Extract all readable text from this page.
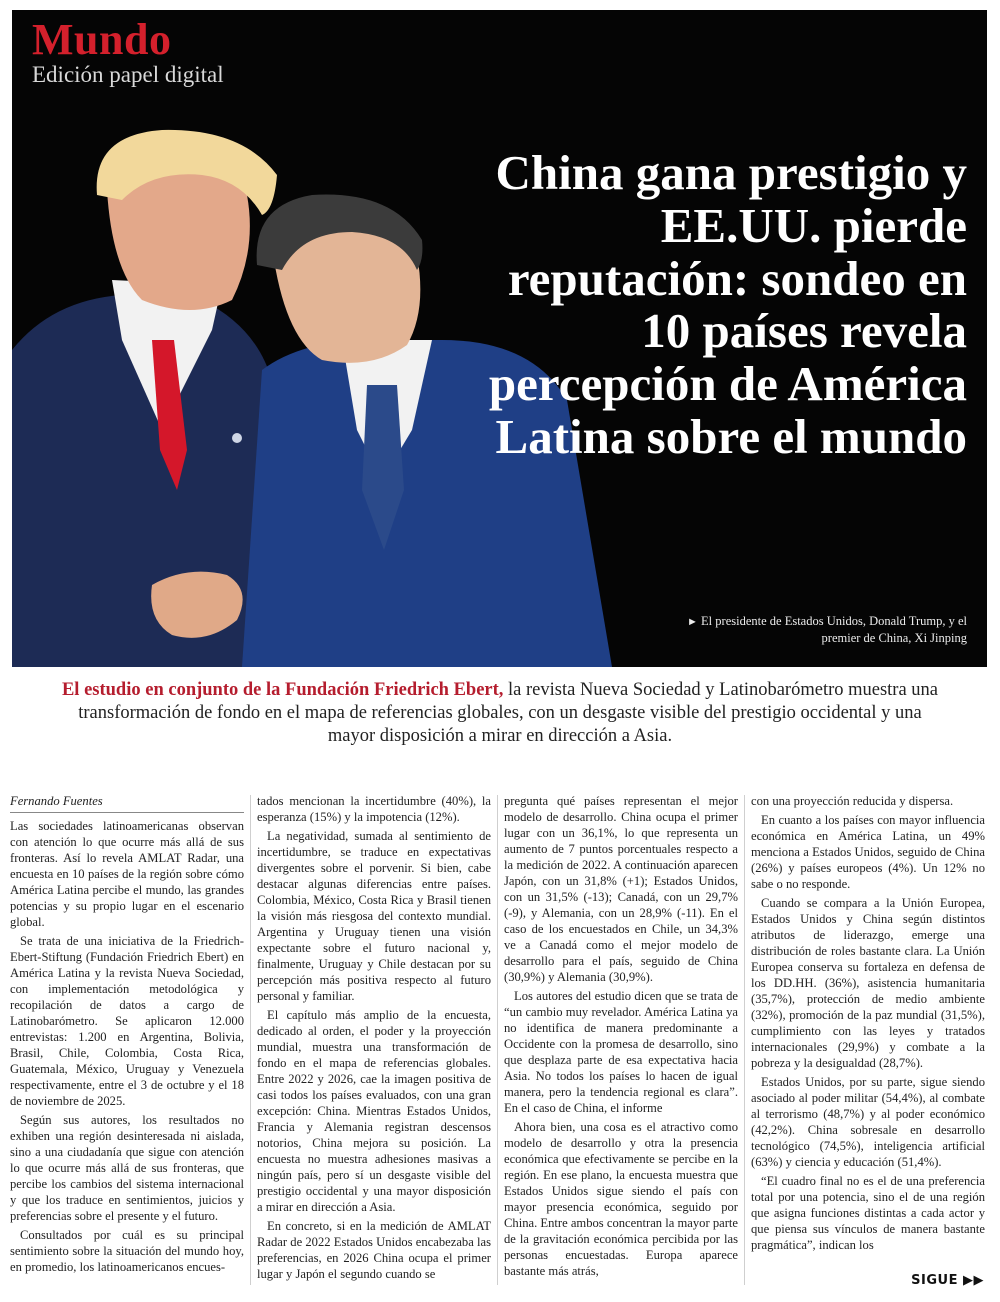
Mundo
Edición papel digital
China gana prestigio y EE.UU. pierde reputación: sondeo en 10 países revela percepción de América Latina sobre el mundo
► El presidente de Estados Unidos, Donald Trump, y el premier de China, Xi Jinping

El estudio en conjunto de la Fundación Friedrich Ebert, la revista Nueva Sociedad y Latinobarómetro muestra una transformación de fondo en el mapa de referencias globales, con un desgaste visible del prestigio occidental y una mayor disposición a mirar en dirección a Asia.

Fernando Fuentes

Las sociedades latinoamericanas observan con atención lo que ocurre más allá de sus fronteras. Así lo revela AMLAT Radar, una encuesta en 10 países de la región sobre cómo América Latina percibe el mundo, las grandes potencias y su propio lugar en el escenario global.

Se trata de una iniciativa de la Friedrich-Ebert-Stiftung (Fundación Friedrich Ebert) en América Latina y la revista Nueva Sociedad, con implementación metodológica y recopilación de datos a cargo de Latinobarómetro. Se aplicaron 12.000 entrevistas: 1.200 en Argentina, Bolivia, Brasil, Chile, Colombia, Costa Rica, Guatemala, México, Uruguay y Venezuela respectivamente, entre el 3 de octubre y el 18 de noviembre de 2025.

Según sus autores, los resultados no exhiben una región desinteresada ni aislada, sino a una ciudadanía que sigue con atención lo que ocurre más allá de sus fronteras, que percibe los cambios del sistema internacional y que los traduce en sentimientos, juicios y preferencias sobre el presente y el futuro.

Consultados por cuál es su principal sentimiento sobre la situación del mundo hoy, en promedio, los latinoamericanos encues-

tados mencionan la incertidumbre (40%), la esperanza (15%) y la impotencia (12%).

La negatividad, sumada al sentimiento de incertidumbre, se traduce en expectativas divergentes sobre el porvenir. Si bien, cabe destacar algunas diferencias entre países. Colombia, México, Costa Rica y Brasil tienen la visión más riesgosa del contexto mundial. Argentina y Uruguay tienen una visión expectante sobre el futuro nacional y, finalmente, Uruguay y Chile destacan por su percepción más positiva respecto al futuro personal y familiar.

El capítulo más amplio de la encuesta, dedicado al orden, el poder y la proyección mundial, muestra una transformación de fondo en el mapa de referencias globales. Entre 2022 y 2026, cae la imagen positiva de casi todos los países evaluados, con una gran excepción: China. Mientras Estados Unidos, Francia y Alemania registran descensos notorios, China mejora su posición. La encuesta no muestra adhesiones masivas a ningún país, pero sí un desgaste visible del prestigio occidental y una mayor disposición a mirar en dirección a Asia.

En concreto, si en la medición de AMLAT Radar de 2022 Estados Unidos encabezaba las preferencias, en 2026 China ocupa el primer lugar y Japón el segundo cuando se

pregunta qué países representan el mejor modelo de desarrollo. China ocupa el primer lugar con un 36,1%, lo que representa un aumento de 7 puntos porcentuales respecto a la medición de 2022. A continuación aparecen Japón, con un 31,8% (+1); Estados Unidos, con un 31,5% (-13); Canadá, con un 29,7% (-9), y Alemania, con un 28,9% (-11). En el caso de los encuestados en Chile, un 34,3% ve a Canadá como el mejor modelo de desarrollo para el país, seguido de China (30,9%) y Alemania (30,9%).

Los autores del estudio dicen que se trata de “un cambio muy revelador. América Latina ya no identifica de manera predominante a Occidente con la promesa de desarrollo, sino que desplaza parte de esa expectativa hacia Asia. No todos los países lo hacen de igual manera, pero la tendencia regional es clara”. En el caso de China, el informe

Ahora bien, una cosa es el atractivo como modelo de desarrollo y otra la presencia económica que efectivamente se percibe en la región. En ese plano, la encuesta muestra que Estados Unidos sigue siendo el país con mayor presencia económica, seguido por China. Entre ambos concentran la mayor parte de la gravitación económica percibida por las personas encuestadas. Europa aparece bastante más atrás,

con una proyección reducida y dispersa.

En cuanto a los países con mayor influencia económica en América Latina, un 49% menciona a Estados Unidos, seguido de China (26%) y países europeos (4%). Un 12% no sabe o no responde.

Cuando se compara a la Unión Europea, Estados Unidos y China según distintos atributos de liderazgo, emerge una distribución de roles bastante clara. La Unión Europea conserva su fortaleza en defensa de los DD.HH. (36%), asistencia humanitaria (35,7%), protección de medio ambiente (32%), promoción de la paz mundial (31,5%), cumplimiento con las leyes y tratados internacionales (29,9%) y combate a la pobreza y la desigualdad (28,7%).

Estados Unidos, por su parte, sigue siendo asociado al poder militar (54,4%), al combate al terrorismo (48,7%) y al poder económico (42,2%). China sobresale en desarrollo tecnológico (74,5%), inteligencia artificial (63%) y ciencia y educación (51,4%).

“El cuadro final no es el de una preferencia total por una potencia, sino el de una región que asigna funciones distintas a cada actor y que piensa sus vínculos de manera bastante pragmática”, indican los

SIGUE ▶▶
